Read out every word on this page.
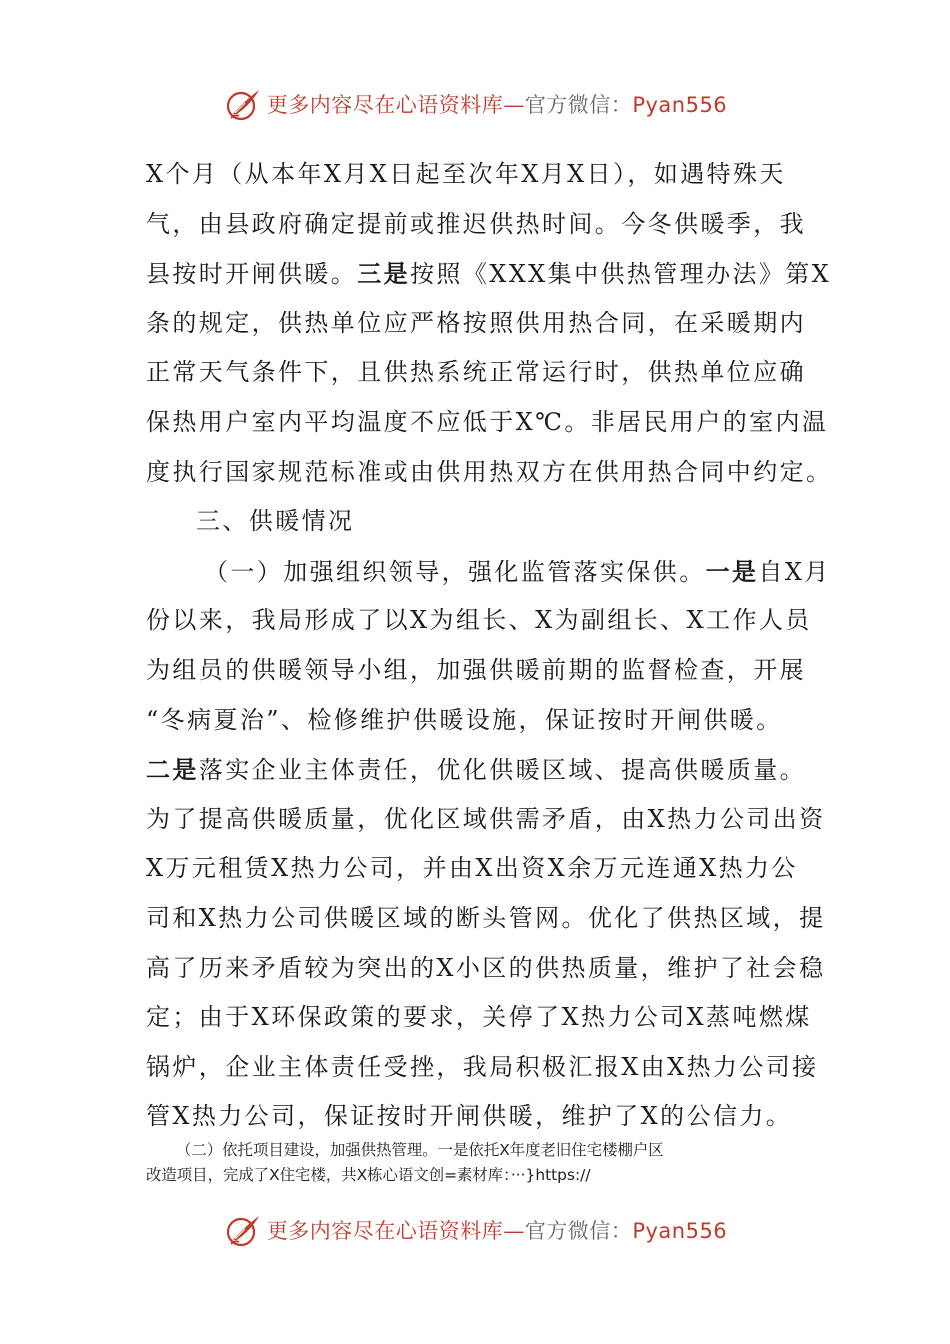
更多内容尽在心语资料库—官方微信：Pyan556
X个月（从本年X月X日起至次年X月X日），如遇特殊天
气，由县政府确定提前或推迟供热时间。今冬供暖季，我
县按时开闸供暖。三是按照《XXX集中供热管理办法》第X
条的规定，供热单位应严格按照供用热合同，在采暖期内
正常天气条件下，且供热系统正常运行时，供热单位应确
保热用户室内平均温度不应低于X℃。非居民用户的室内温
度执行国家规范标准或由供用热双方在供用热合同中约定。
三、供暖情况
（一）加强组织领导，强化监管落实保供。一是自X月
份以来，我局形成了以X为组长、X为副组长、X工作人员
为组员的供暖领导小组，加强供暖前期的监督检查，开展
“冬病夏治”、检修维护供暖设施，保证按时开闸供暖。
二是落实企业主体责任，优化供暖区域、提高供暖质量。
为了提高供暖质量，优化区域供需矛盾，由X热力公司出资
X万元租赁X热力公司，并由X出资X余万元连通X热力公
司和X热力公司供暖区域的断头管网。优化了供热区域，提
高了历来矛盾较为突出的X小区的供热质量，维护了社会稳
定；由于X环保政策的要求，关停了X热力公司X蒸吨燃煤
锅炉，企业主体责任受挫，我局积极汇报X由X热力公司接
管X热力公司，保证按时开闸供暖，维护了X的公信力。
（二）依托项目建设，加强供热管理。一是依托X年度老旧住宅楼棚户区
改造项目，完成了X住宅楼，共X栋心语文创=素材库：···}https://
更多内容尽在心语资料库—官方微信：Pyan556
